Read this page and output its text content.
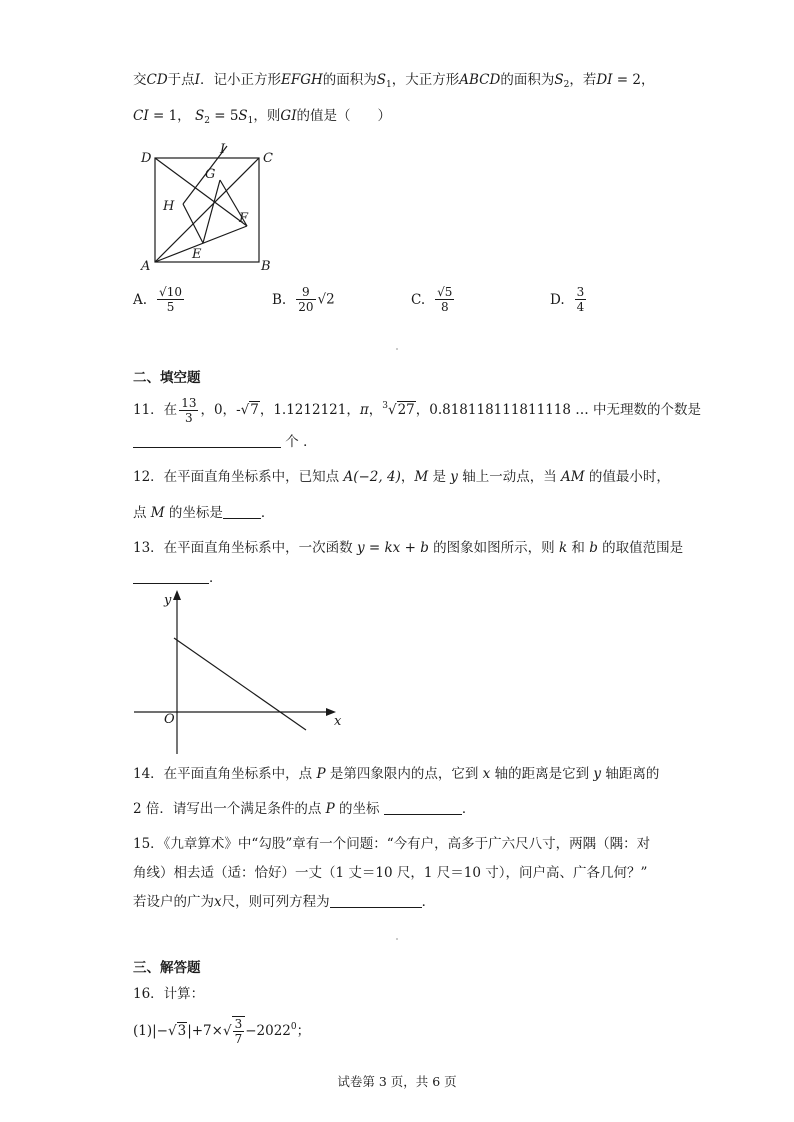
交CD于点I．记小正方形EFGH的面积为$S_1$，大正方形ABCD的面积为$S_2$，若DI = 2，
CI = 1， $S_2 = 5S_1$，则GI的值是（　　）
D	C
A	B
I
G
H
F
E
A. $\frac{√10}{5}$	B. $\frac{9}{20} √2$	C. $\frac{√5}{8}$	D. $\frac{3}{4}$
二、填空题
11．在 $\frac{13}{3}$ ，0，-√7，1.1212121，π，$^3$√27，0.818118111811118 … 中无理数的个数是
个 ．
12．在平面直角坐标系中，已知点 A(−2, 4)，M 是 y 轴上一动点，当 AM 的值最小时，
点 M 的坐标是	．
13．在平面直角坐标系中，一次函数 y = kx + b 的图象如图所示，则 k 和 b 的取值范围是
．
y
x
O
14．在平面直角坐标系中，点 P 是第四象限内的点，它到 x 轴的距离是它到 y 轴距离的
2 倍．请写出一个满足条件的点 P 的坐标	．
15．《九章算术》中“勾股”章有一个问题：“今有户，高多于广六尺八寸，两隅（隅：对
角线）相去适（适：恰好）一丈（1 丈＝10 尺，1 尺＝10 寸），问户高、广各几何？”
若设户的广为x尺，则可列方程为	．
三、解答题
16．计算：
$(1)|-√3|+7\times√ \frac{3}{7} -2022^0$；
试卷第 3 页，共 6 页
